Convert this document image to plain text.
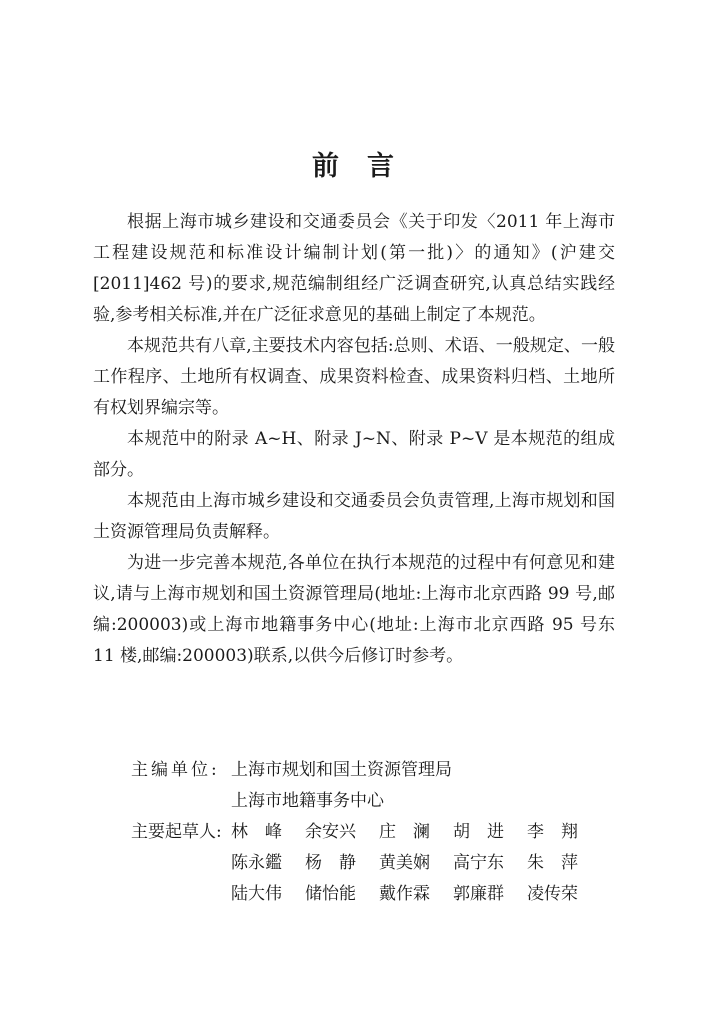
前言

根据上海市城乡建设和交通委员会《关于印发〈2011 年上海市工程建设规范和标准设计编制计划(第一批)〉的通知》(沪建交[2011]462 号)的要求,规范编制组经广泛调查研究,认真总结实践经验,参考相关标准,并在广泛征求意见的基础上制定了本规范。

本规范共有八章,主要技术内容包括:总则、术语、一般规定、一般工作程序、土地所有权调查、成果资料检查、成果资料归档、土地所有权划界编宗等。

本规范中的附录 A~H、附录 J~N、附录 P~V 是本规范的组成部分。

本规范由上海市城乡建设和交通委员会负责管理,上海市规划和国土资源管理局负责解释。

为进一步完善本规范,各单位在执行本规范的过程中有何意见和建议,请与上海市规划和国土资源管理局(地址:上海市北京西路 99 号,邮编:200003)或上海市地籍事务中心(地址:上海市北京西路 95 号东 11 楼,邮编:200003)联系,以供今后修订时参考。

主编单位: 上海市规划和国土资源管理局
上海市地籍事务中心
主要起草人: 林　峰	余安兴	庄　澜	胡　进	李　翔
陈永鑑	杨　静	黄美娴	高宁东	朱　萍
陆大伟	储怡能	戴作霖	郭廉群	凌传荣
